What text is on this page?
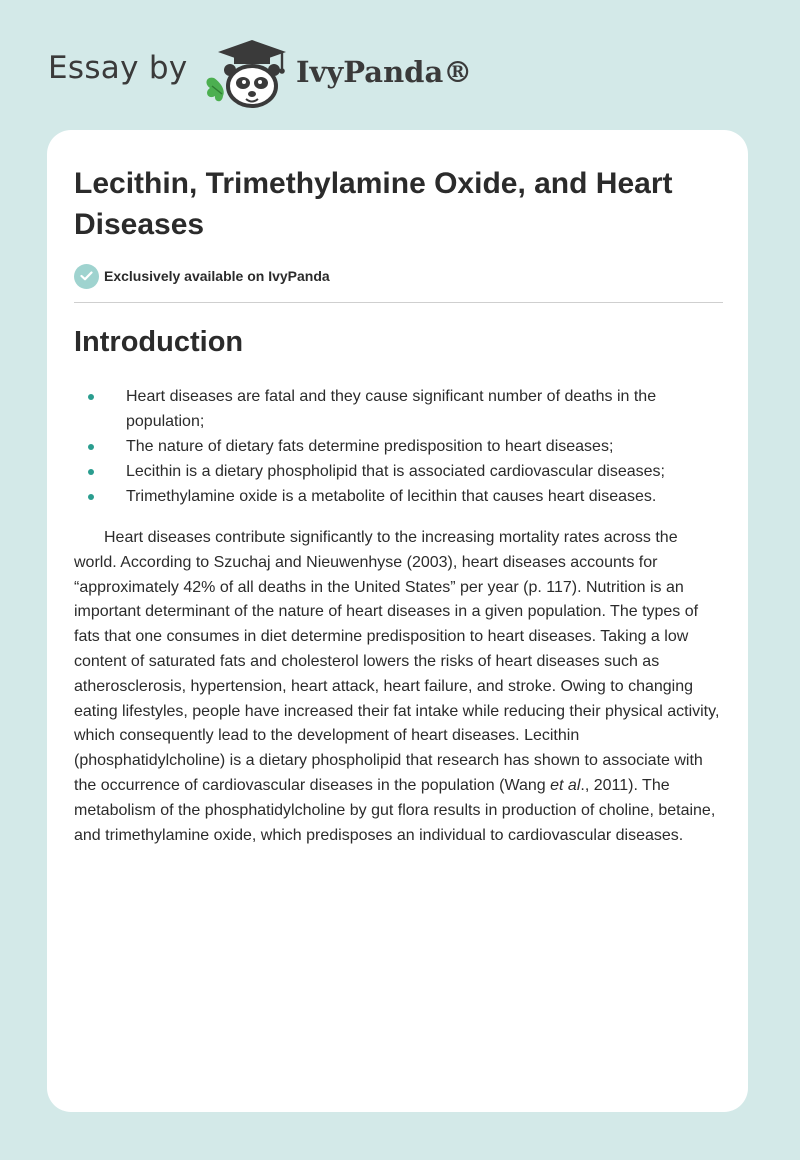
Essay by	IvyPanda®
Lecithin, Trimethylamine Oxide, and Heart Diseases
Exclusively available on IvyPanda
Introduction
Heart diseases are fatal and they cause significant number of deaths in the population;
The nature of dietary fats determine predisposition to heart diseases;
Lecithin is a dietary phospholipid that is associated cardiovascular diseases;
Trimethylamine oxide is a metabolite of lecithin that causes heart diseases.

Heart diseases contribute significantly to the increasing mortality rates across the world. According to Szuchaj and Nieuwenhyse (2003), heart diseases accounts for “approximately 42% of all deaths in the United States” per year (p. 117). Nutrition is an important determinant of the nature of heart diseases in a given population. The types of fats that one consumes in diet determine predisposition to heart diseases. Taking a low content of saturated fats and cholesterol lowers the risks of heart diseases such as atherosclerosis, hypertension, heart attack, heart failure, and stroke. Owing to changing eating lifestyles, people have increased their fat intake while reducing their physical activity, which consequently lead to the development of heart diseases. Lecithin (phosphatidylcholine) is a dietary phospholipid that research has shown to associate with the occurrence of cardiovascular diseases in the population (Wang et al., 2011). The metabolism of the phosphatidylcholine by gut flora results in production of choline, betaine, and trimethylamine oxide, which predisposes an individual to cardiovascular diseases.
